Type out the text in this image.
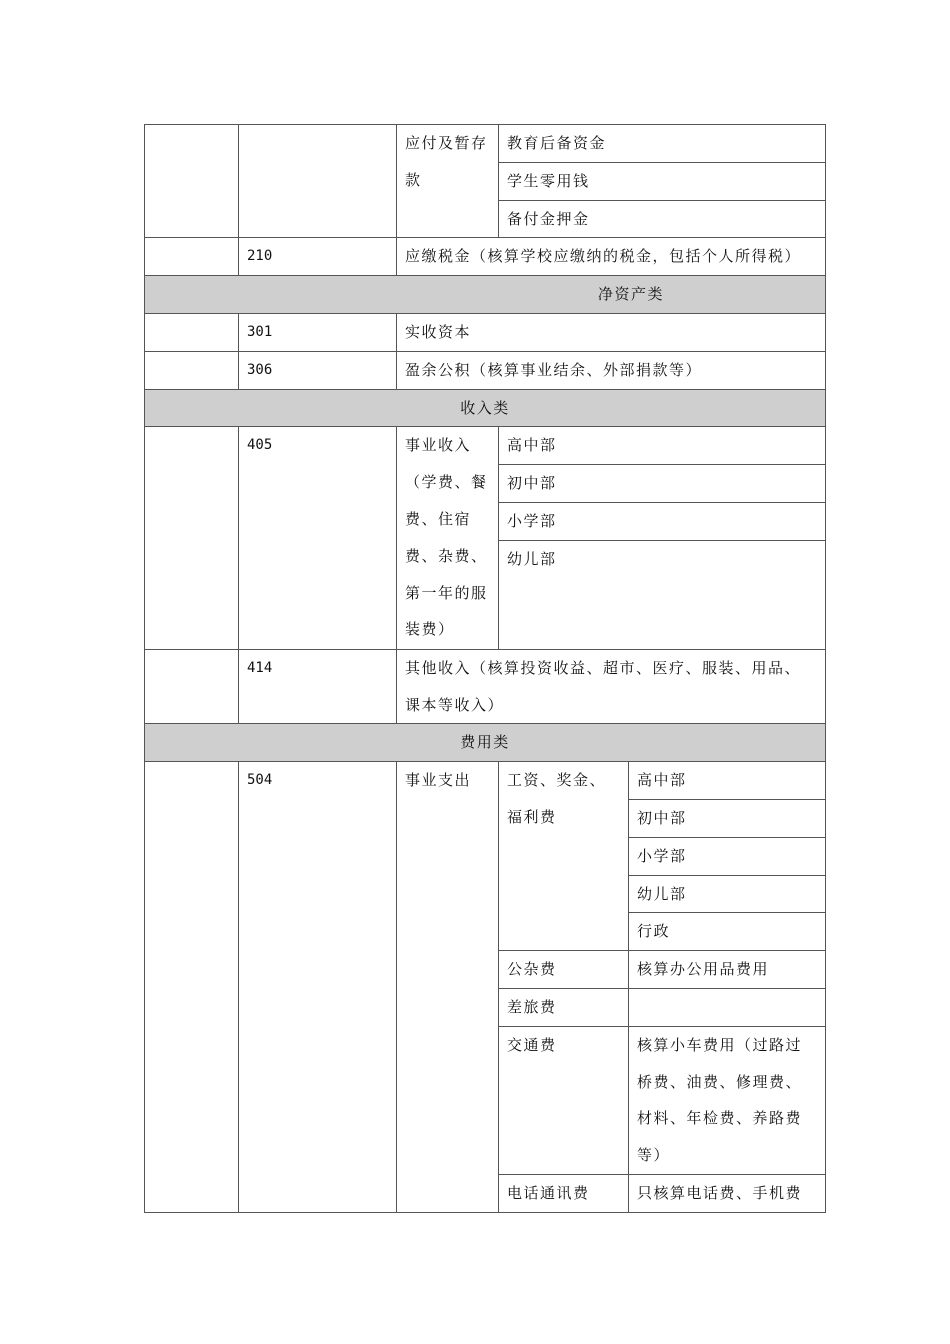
		应付及暂存款	教育后备资金	
			学生零用钱	
			备付金押金	
	210	应缴税金（核算学校应缴纳的税金，包括个人所得税）		
净资产类				
	301	实收资本		
	306	盈余公积（核算事业结余、外部捐款等）		
收入类				
	405	事业收入（学费、餐费、住宿费、杂费、第一年的服装费）	高中部	
			初中部	
			小学部	
			幼儿部	
	414	其他收入（核算投资收益、超市、医疗、服装、用品、课本等收入）		
费用类				
	504	事业支出	工资、奖金、福利费	高中部
				初中部
				小学部
				幼儿部
				行政
			公杂费	核算办公用品费用
			差旅费	
			交通费	核算小车费用（过路过桥费、油费、修理费、材料、年检费、养路费等）
			电话通讯费	只核算电话费、手机费
